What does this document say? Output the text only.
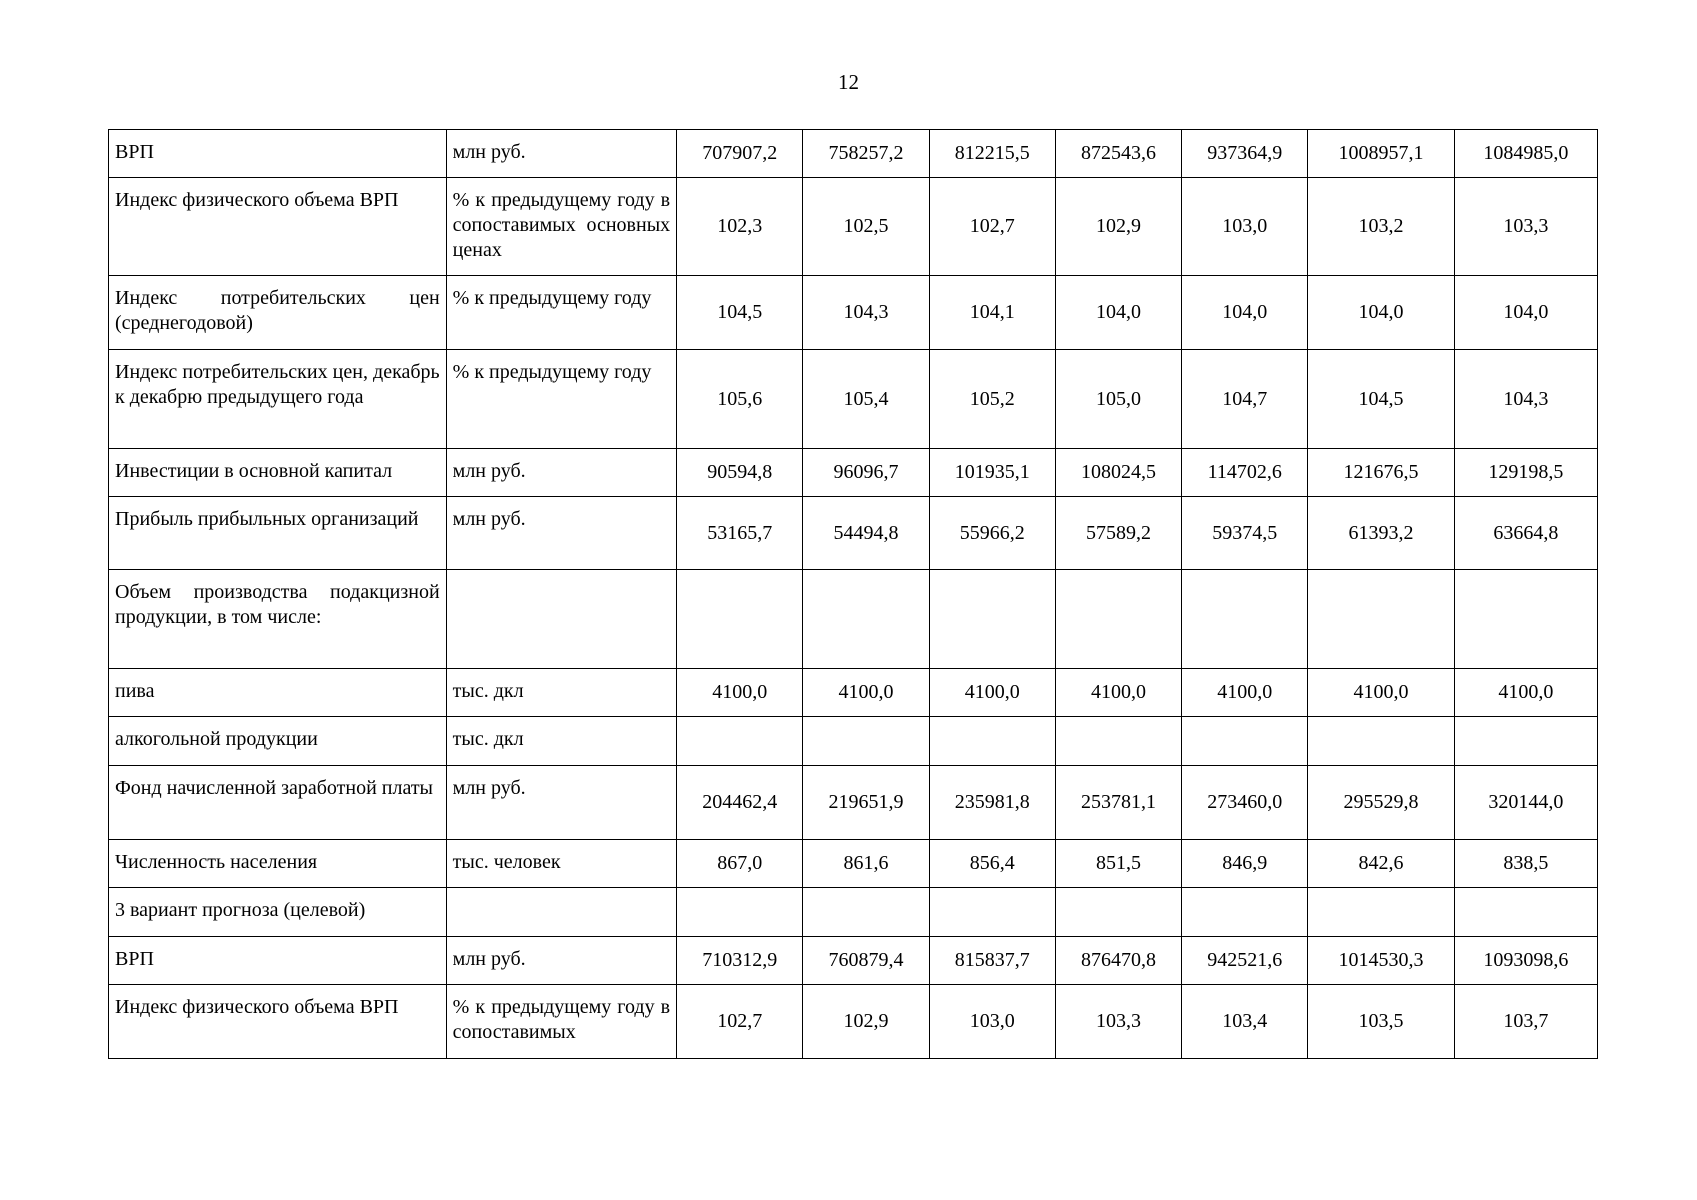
12
ВРП	млн руб.	707907,2	758257,2	812215,5	872543,6	937364,9	1008957,1	1084985,0
Индекс физического объема ВРП	% к предыдущему году в сопоставимых основных ценах	102,3	102,5	102,7	102,9	103,0	103,2	103,3
Индекс потребительских цен (среднегодовой)	% к предыдущему году	104,5	104,3	104,1	104,0	104,0	104,0	104,0
Индекс потребительских цен, декабрь к декабрю предыдущего года	% к предыдущему году	105,6	105,4	105,2	105,0	104,7	104,5	104,3
Инвестиции в основной капитал	млн руб.	90594,8	96096,7	101935,1	108024,5	114702,6	121676,5	129198,5
Прибыль прибыльных организаций	млн руб.	53165,7	54494,8	55966,2	57589,2	59374,5	61393,2	63664,8
Объем производства подакцизной продукции, в том числе:								
пива	тыс. дкл	4100,0	4100,0	4100,0	4100,0	4100,0	4100,0	4100,0
алкогольной продукции	тыс. дкл							
Фонд начисленной заработной платы	млн руб.	204462,4	219651,9	235981,8	253781,1	273460,0	295529,8	320144,0
Численность населения	тыс. человек	867,0	861,6	856,4	851,5	846,9	842,6	838,5
3 вариант прогноза (целевой)								
ВРП	млн руб.	710312,9	760879,4	815837,7	876470,8	942521,6	1014530,3	1093098,6
Индекс физического объема ВРП	% к предыдущему году в сопоставимых	102,7	102,9	103,0	103,3	103,4	103,5	103,7
